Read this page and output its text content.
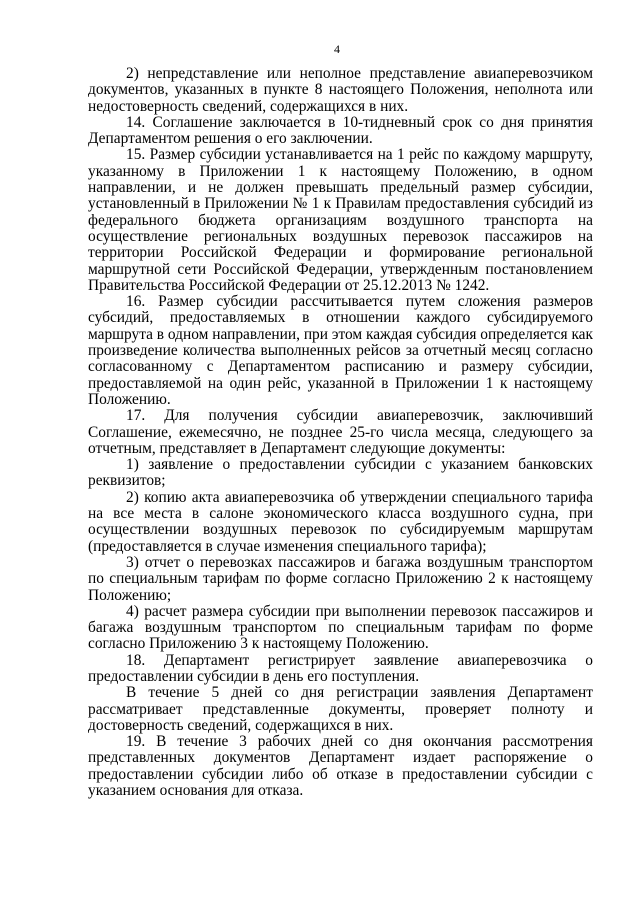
4

2) непредставление или неполное представление авиаперевозчиком документов, указанных в пункте 8 настоящего Положения, неполнота или недостоверность сведений, содержащихся в них.

14. Соглашение заключается в 10-тидневный срок со дня принятия Департаментом решения о его заключении.

15. Размер субсидии устанавливается на 1 рейс по каждому маршруту, указанному в Приложении 1 к настоящему Положению, в одном направлении, и не должен превышать предельный размер субсидии, установленный в Приложении № 1 к Правилам предоставления субсидий из федерального бюджета организациям воздушного транспорта на осуществление региональных воздушных перевозок пассажиров на территории Российской Федерации и формирование региональной маршрутной сети Российской Федерации, утвержденным постановлением Правительства Российской Федерации от 25.12.2013 № 1242.

16. Размер субсидии рассчитывается путем сложения размеров субсидий, предоставляемых в отношении каждого субсидируемого маршрута в одном направлении, при этом каждая субсидия определяется как произведение количества выполненных рейсов за отчетный месяц согласно согласованному с Департаментом расписанию и размеру субсидии, предоставляемой на один рейс, указанной в Приложении 1 к настоящему Положению.

17. Для получения субсидии авиаперевозчик, заключивший Соглашение, ежемесячно, не позднее 25-го числа месяца, следующего за отчетным, представляет в Департамент следующие документы:

1) заявление о предоставлении субсидии с указанием банковских реквизитов;

2) копию акта авиаперевозчика об утверждении специального тарифа на все места в салоне экономического класса воздушного судна, при осуществлении воздушных перевозок по субсидируемым маршрутам (предоставляется в случае изменения специального тарифа);

3) отчет о перевозках пассажиров и багажа воздушным транспортом по специальным тарифам по форме согласно Приложению 2 к настоящему Положению;

4) расчет размера субсидии при выполнении перевозок пассажиров и багажа воздушным транспортом по специальным тарифам по форме согласно Приложению 3 к настоящему Положению.

18. Департамент регистрирует заявление авиаперевозчика о предоставлении субсидии в день его поступления.

В течение 5 дней со дня регистрации заявления Департамент рассматривает представленные документы, проверяет полноту и достоверность сведений, содержащихся в них.

19. В течение 3 рабочих дней со дня окончания рассмотрения представленных документов Департамент издает распоряжение о предоставлении субсидии либо об отказе в предоставлении субсидии с указанием основания для отказа.
